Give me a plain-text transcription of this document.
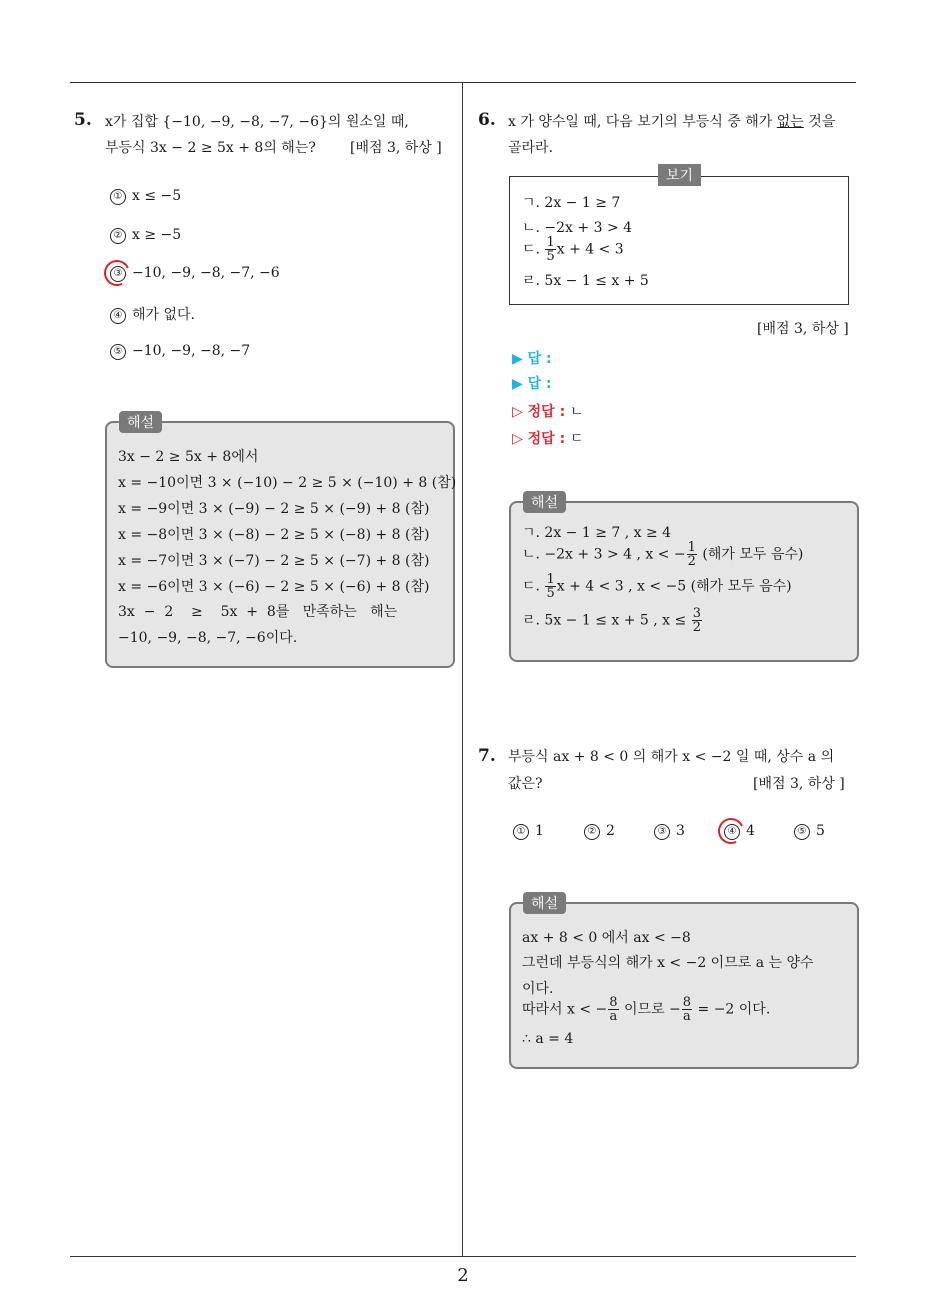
2
5. x가 집합 {−10, −9, −8, −7, −6}의 원소일 때,
부등식 3x − 2 ≥ 5x + 8의 해는? [배점 3, 하상 ]
① x ≤ −5
② x ≥ −5
③ −10, −9, −8, −7, −6
④ 해가 없다.
⑤ −10, −9, −8, −7
해설
3x − 2 ≥ 5x + 8에서
x = −10이면 3 × (−10) − 2 ≥ 5 × (−10) + 8 (참)
x = −9이면 3 × (−9) − 2 ≥ 5 × (−9) + 8 (참)
x = −8이면 3 × (−8) − 2 ≥ 5 × (−8) + 8 (참)
x = −7이면 3 × (−7) − 2 ≥ 5 × (−7) + 8 (참)
x = −6이면 3 × (−6) − 2 ≥ 5 × (−6) + 8 (참)
3x  −  2    ≥    5x  +  8를   만족하는   해는
−10, −9, −8, −7, −6이다.
6. x 가 양수일 때, 다음 보기의 부등식 중 해가 없는 것을
골라라.
보기
ㄱ. 2x − 1 ≥ 7
ㄴ. −2x + 3 > 4
ㄷ. $\frac{1}{5}$ x + 4 < 3
ㄹ. 5x − 1 ≤ x + 5
[배점 3, 하상 ]
▶ 답 :
▶ 답 :
▷ 정답 : ㄴ
▷ 정답 : ㄷ
해설
ㄱ. 2x − 1 ≥ 7 , x ≥ 4
ㄴ. −2x + 3 > 4 , x < − $\frac{1}{2}$ (해가 모두 음수)
ㄷ. $\frac{1}{5}$ x + 4 < 3 , x < −5 (해가 모두 음수)
ㄹ. 5x − 1 ≤ x + 5 , $x \le \frac{3}{2}$
7. 부등식 ax + 8 < 0 의 해가 x < −2 일 때, 상수 a 의
값은?	[배점 3, 하상 ]
① 1	② 2	③ 3	④ 4	⑤ 5
해설
ax + 8 < 0 에서 ax < −8
그런데 부등식의 해가 x < −2 이므로 a 는 양수
이다.
따라서 x < − $\frac{8}{a}$ 이므로 − $\frac{8}{a} = -2$ 이다.
∴ a = 4
